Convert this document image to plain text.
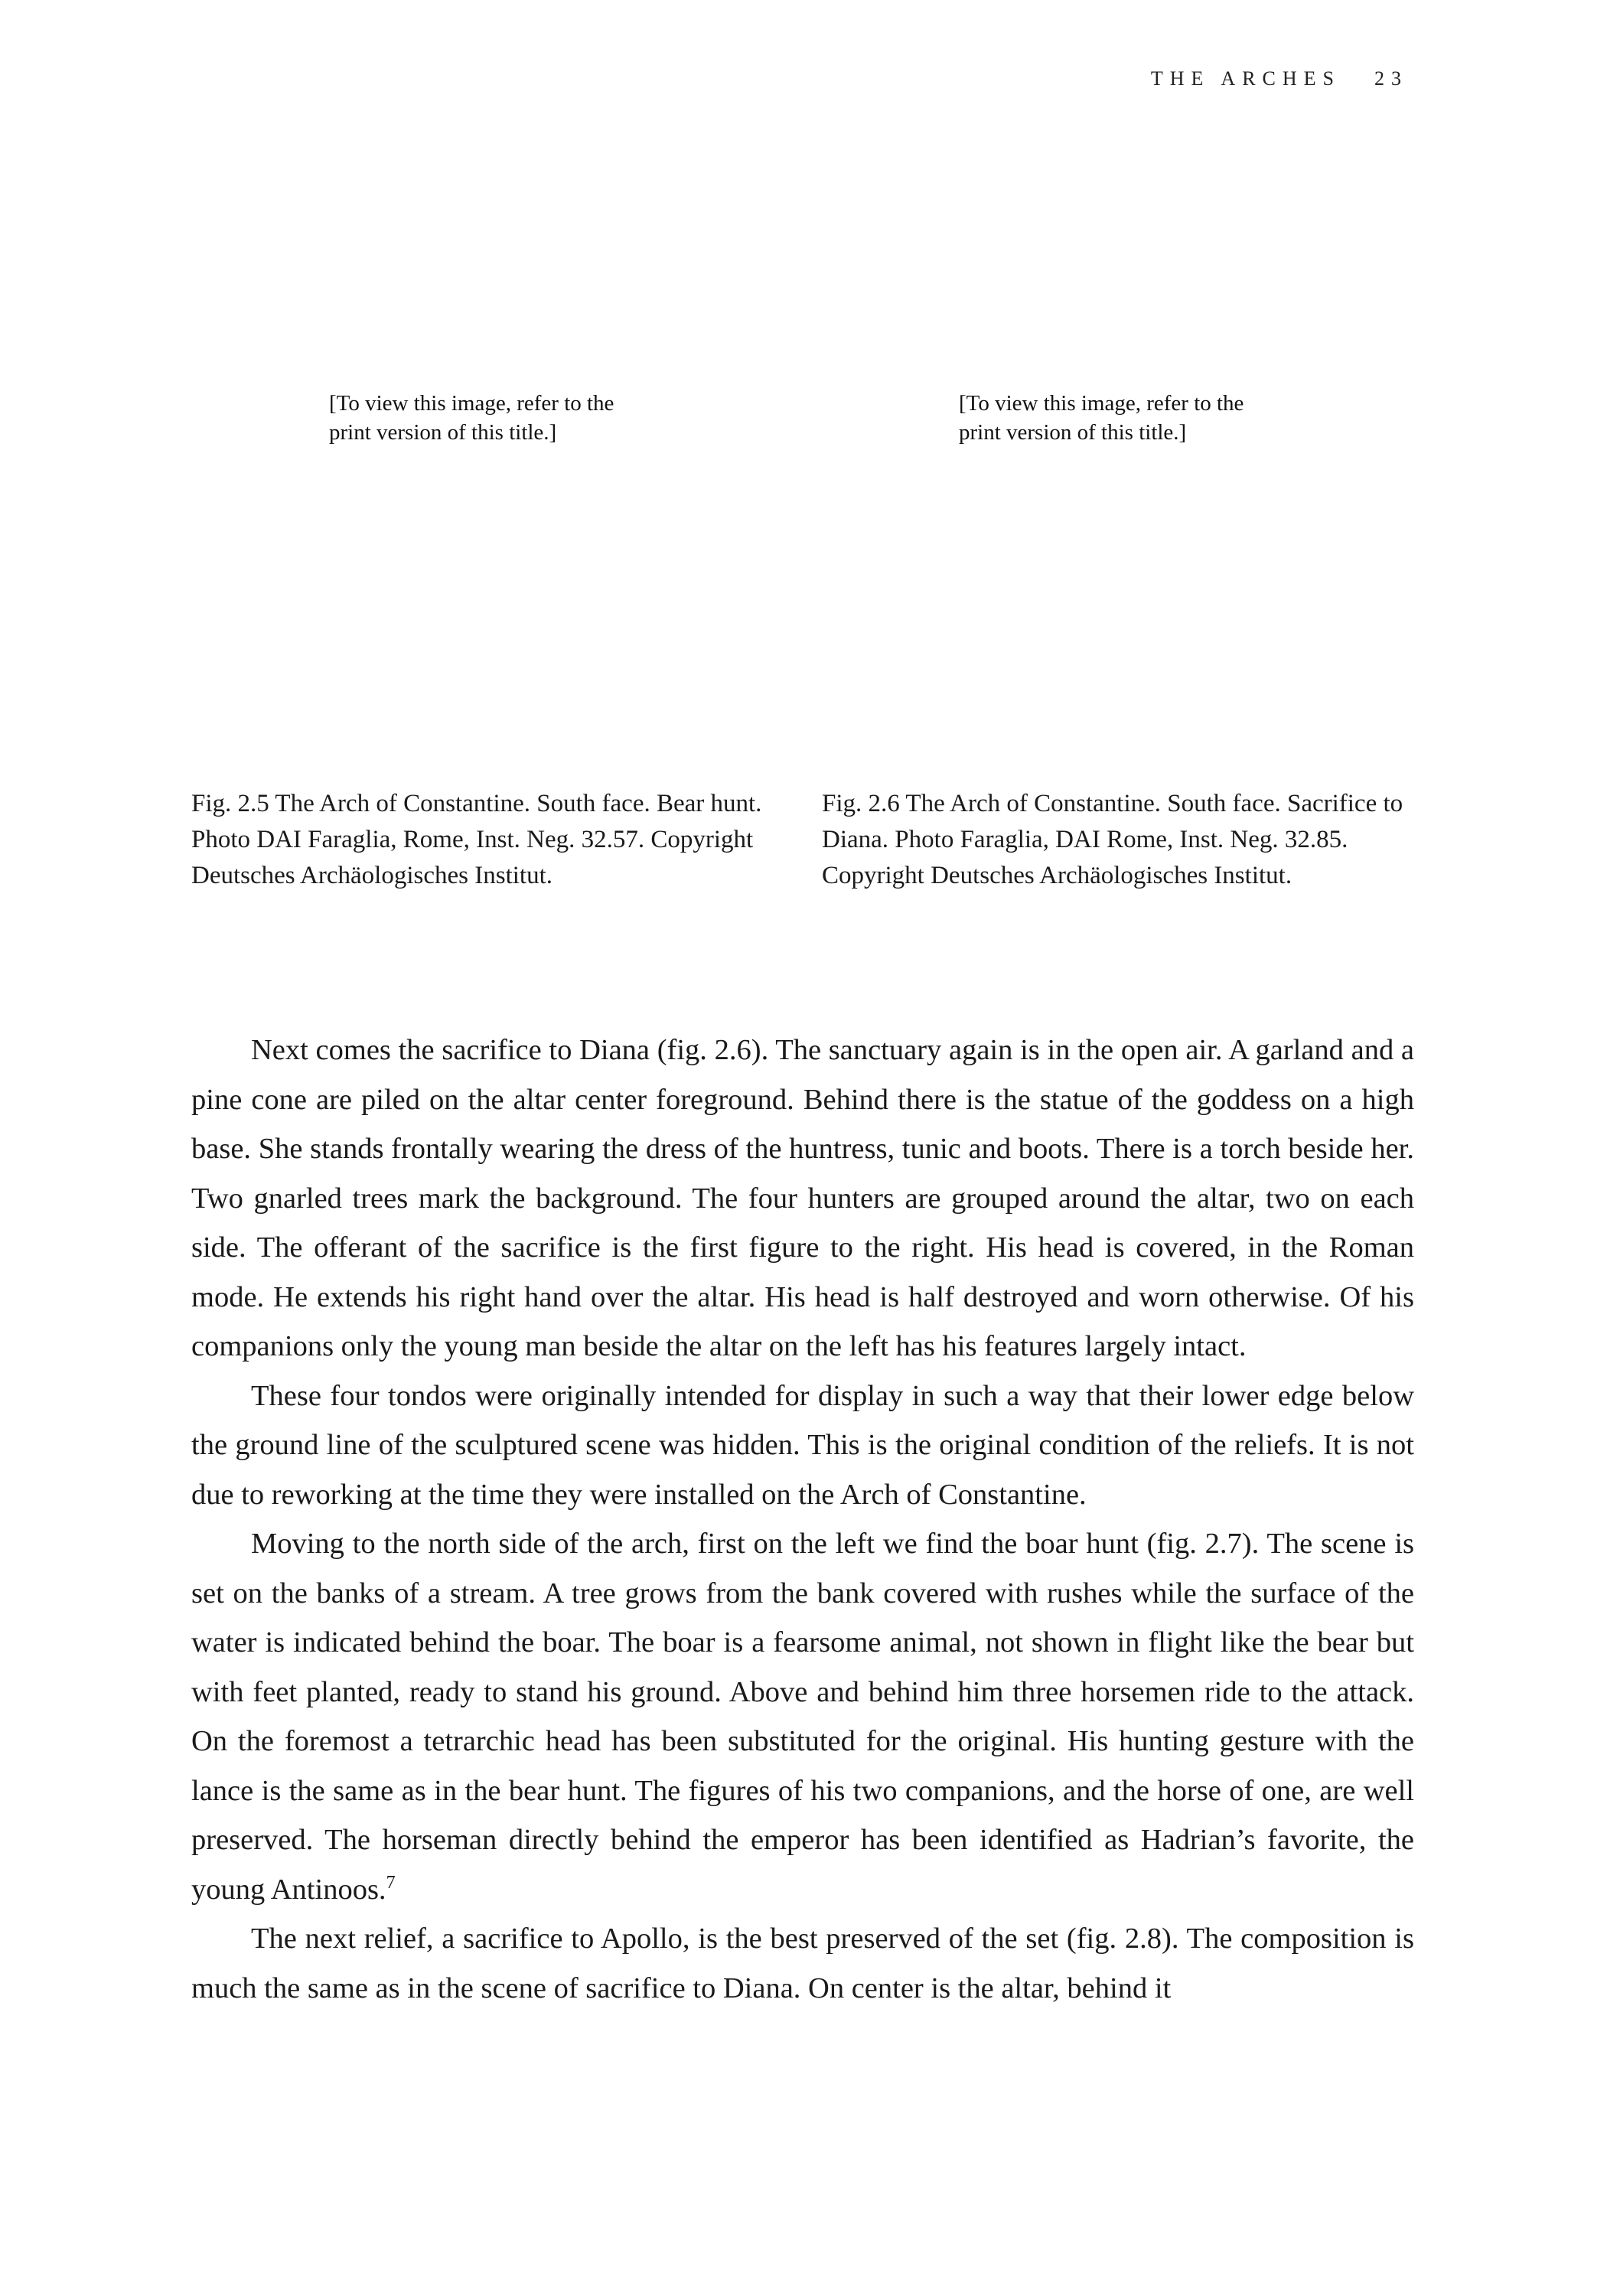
THE ARCHES 23
[To view this image, refer to the print version of this title.]
[To view this image, refer to the print version of this title.]
Fig. 2.5 The Arch of Constantine. South face. Bear hunt. Photo DAI Faraglia, Rome, Inst. Neg. 32.57. Copyright Deutsches Archäologisches Institut.
Fig. 2.6 The Arch of Constantine. South face. Sacrifice to Diana. Photo Faraglia, DAI Rome, Inst. Neg. 32.85. Copyright Deutsches Archäologisches Institut.

Next comes the sacrifice to Diana (fig. 2.6). The sanctuary again is in the open air. A garland and a pine cone are piled on the altar center foreground. Behind there is the statue of the goddess on a high base. She stands frontally wearing the dress of the huntress, tunic and boots. There is a torch beside her. Two gnarled trees mark the background. The four hunters are grouped around the altar, two on each side. The offerant of the sacrifice is the first figure to the right. His head is covered, in the Roman mode. He extends his right hand over the altar. His head is half destroyed and worn otherwise. Of his companions only the young man beside the altar on the left has his features largely intact.

These four tondos were originally intended for display in such a way that their lower edge below the ground line of the sculptured scene was hidden. This is the original condition of the reliefs. It is not due to reworking at the time they were installed on the Arch of Constantine.

Moving to the north side of the arch, first on the left we find the boar hunt (fig. 2.7). The scene is set on the banks of a stream. A tree grows from the bank covered with rushes while the surface of the water is indicated behind the boar. The boar is a fearsome animal, not shown in flight like the bear but with feet planted, ready to stand his ground. Above and behind him three horsemen ride to the attack. On the foremost a tetrarchic head has been substituted for the original. His hunting gesture with the lance is the same as in the bear hunt. The figures of his two companions, and the horse of one, are well preserved. The horseman directly behind the emperor has been identified as Hadrian’s favorite, the young Antinoos.$^7$

The next relief, a sacrifice to Apollo, is the best preserved of the set (fig. 2.8). The composition is much the same as in the scene of sacrifice to Diana. On center is the altar, behind it
